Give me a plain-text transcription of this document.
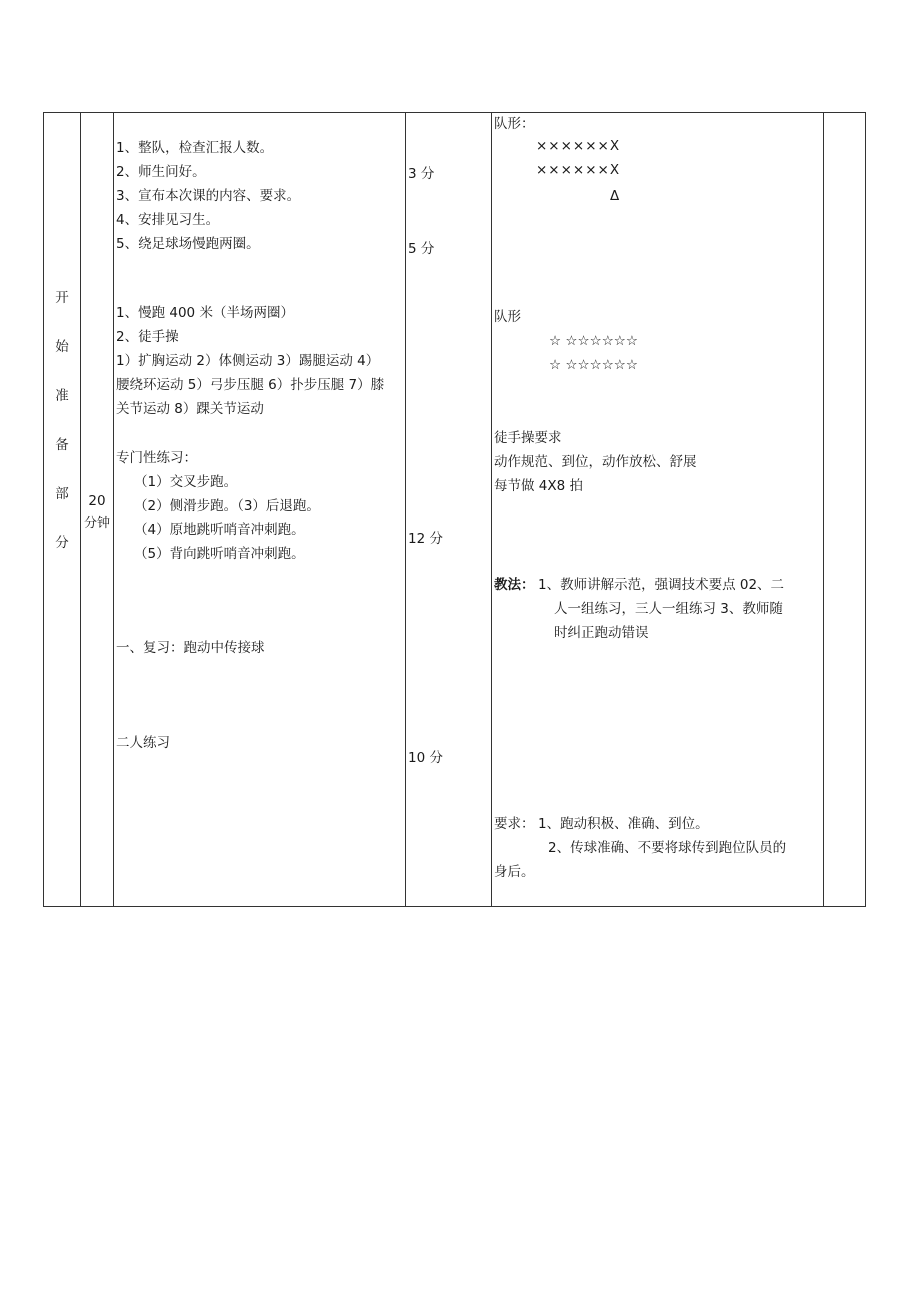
开
始
准
备
部
分
20
分钟
1、整队，检查汇报人数。
2、师生问好。
3、宣布本次课的内容、要求。
4、安排见习生。
5、绕足球场慢跑两圈。
1、慢跑 400 米（半场两圈）
2、徒手操
1）扩胸运动 2）体侧运动 3）踢腿运动 4）
腰绕环运动 5）弓步压腿 6）扑步压腿 7）膝
关节运动 8）踝关节运动
专门性练习：
（1）交叉步跑。
（2）侧滑步跑。（3）后退跑。
（4）原地跳听哨音冲刺跑。
（5）背向跳听哨音冲刺跑。
一、复习：跑动中传接球
二人练习
3 分
5 分
12 分
10 分
队形：
××××××X
××××××X
Δ
队形
☆ ☆☆☆☆☆☆
☆ ☆☆☆☆☆☆
徒手操要求
动作规范、到位，动作放松、舒展
每节做 4X8 拍
教法： 1、教师讲解示范，强调技术要点 02、二
人一组练习，三人一组练习 3、教师随
时纠正跑动错误
要求： 1、跑动积极、准确、到位。
2、传球准确、不要将球传到跑位队员的
身后。
